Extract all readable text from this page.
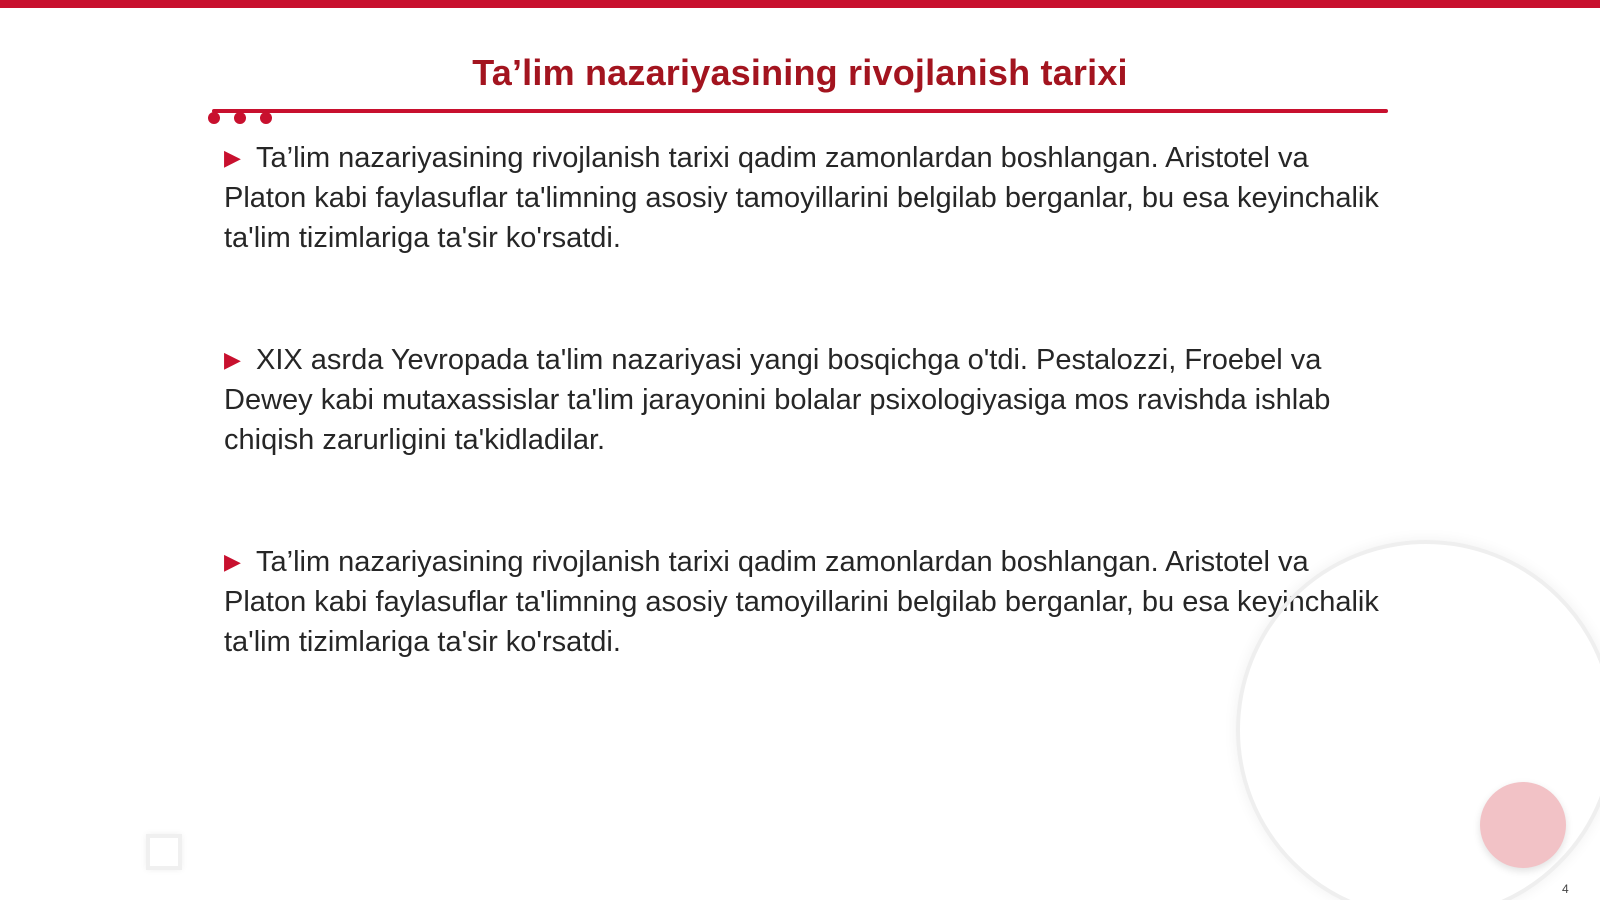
Ta’lim nazariyasining rivojlanish tarixi

▶ Ta’lim nazariyasining rivojlanish tarixi qadim zamonlardan boshlangan. Aristotel va Platon kabi faylasuflar ta'limning asosiy tamoyillarini belgilab berganlar, bu esa keyinchalik ta'lim tizimlariga ta'sir ko'rsatdi.

▶ XIX asrda Yevropada ta'lim nazariyasi yangi bosqichga o'tdi. Pestalozzi, Froebel va Dewey kabi mutaxassislar ta'lim jarayonini bolalar psixologiyasiga mos ravishda ishlab chiqish zarurligini ta'kidladilar.

▶ Ta’lim nazariyasining rivojlanish tarixi qadim zamonlardan boshlangan. Aristotel va Platon kabi faylasuflar ta'limning asosiy tamoyillarini belgilab berganlar, bu esa keyinchalik ta'lim tizimlariga ta'sir ko'rsatdi.

4
